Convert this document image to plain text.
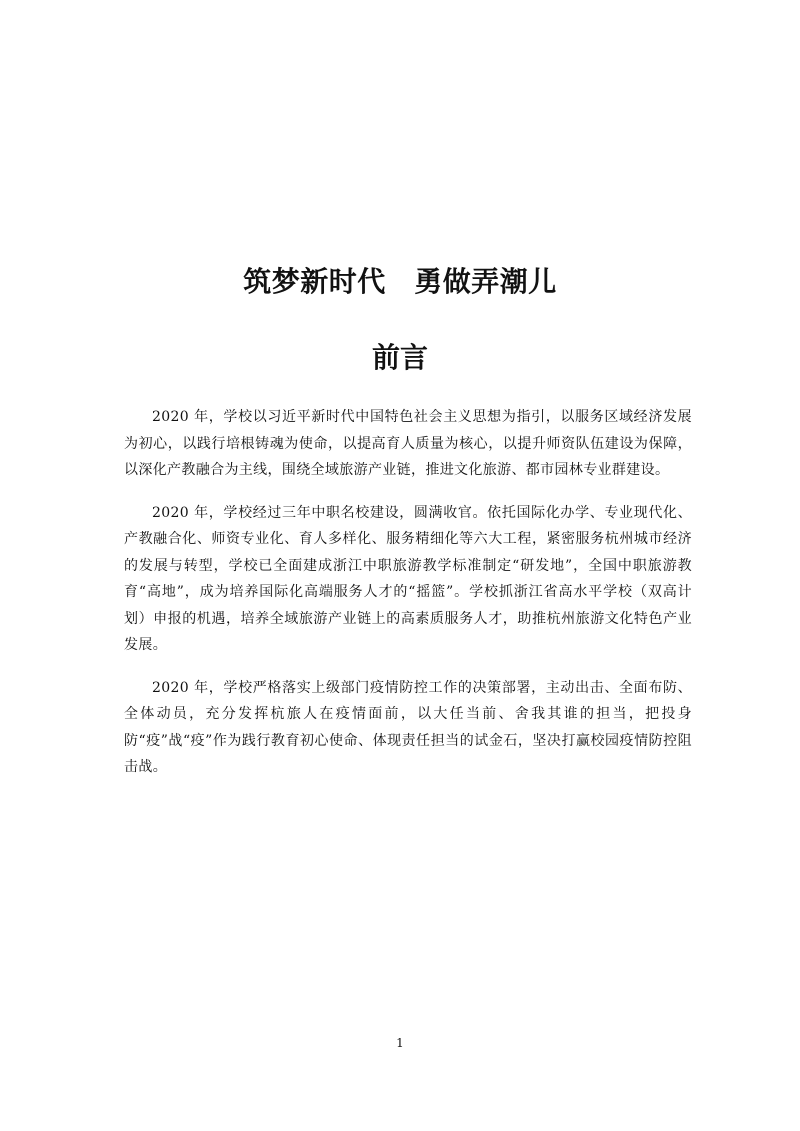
筑梦新时代　勇做弄潮儿
前言

2020 年，学校以习近平新时代中国特色社会主义思想为指引，以服务区域经济发展为初心，以践行培根铸魂为使命，以提高育人质量为核心，以提升师资队伍建设为保障，以深化产教融合为主线，围绕全域旅游产业链，推进文化旅游、都市园林专业群建设。

2020 年，学校经过三年中职名校建设，圆满收官。依托国际化办学、专业现代化、产教融合化、师资专业化、育人多样化、服务精细化等六大工程，紧密服务杭州城市经济的发展与转型，学校已全面建成浙江中职旅游教学标准制定“研发地”，全国中职旅游教育“高地”，成为培养国际化高端服务人才的“摇篮”。学校抓浙江省高水平学校（双高计划）申报的机遇，培养全域旅游产业链上的高素质服务人才，助推杭州旅游文化特色产业发展。

2020 年，学校严格落实上级部门疫情防控工作的决策部署，主动出击、全面布防、全体动员，充分发挥杭旅人在疫情面前，以大任当前、舍我其谁的担当，把投身防“疫”战“疫”作为践行教育初心使命、体现责任担当的试金石，坚决打赢校园疫情防控阻击战。

1
